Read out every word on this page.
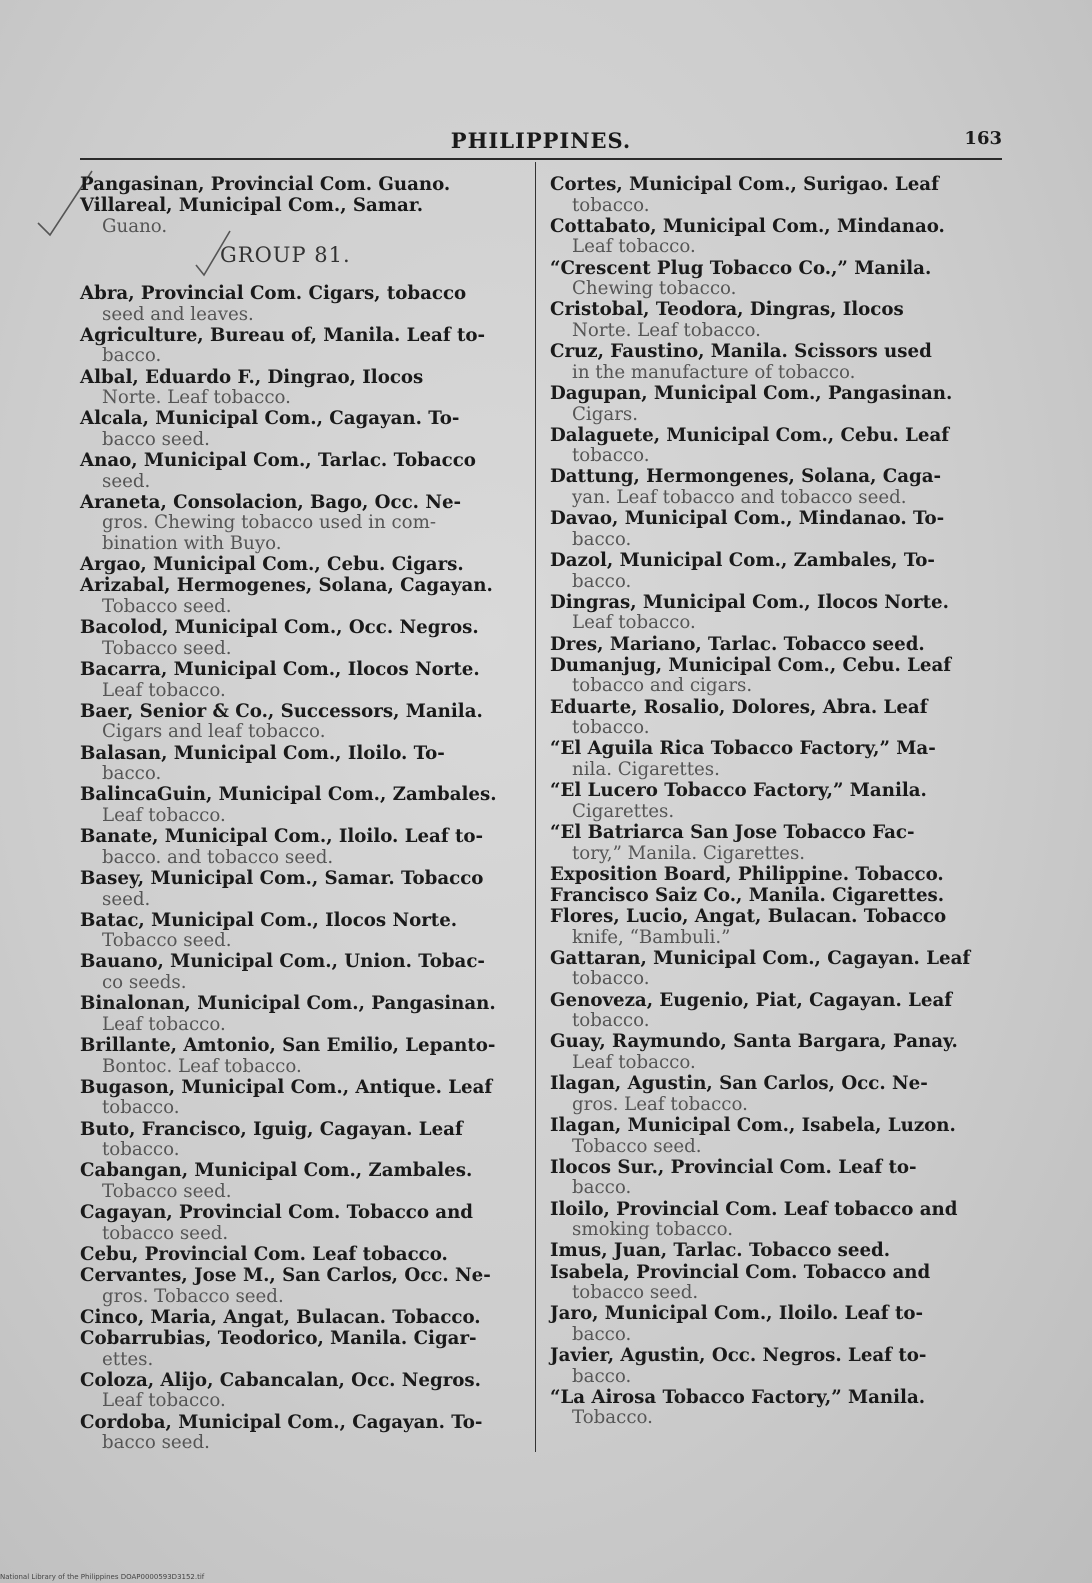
PHILIPPINES.	163
Pangasinan, Provincial Com. Guano.
Villareal, Municipal Com., Samar.
Guano.
GROUP 81.
Abra, Provincial Com. Cigars, tobacco
seed and leaves.
Agriculture, Bureau of, Manila. Leaf to-
bacco.
Albal, Eduardo F., Dingrao, Ilocos
Norte. Leaf tobacco.
Alcala, Municipal Com., Cagayan. To-
bacco seed.
Anao, Municipal Com., Tarlac. Tobacco
seed.
Araneta, Consolacion, Bago, Occ. Ne-
gros. Chewing tobacco used in com-
bination with Buyo.
Argao, Municipal Com., Cebu. Cigars.
Arizabal, Hermogenes, Solana, Cagayan.
Tobacco seed.
Bacolod, Municipal Com., Occ. Negros.
Tobacco seed.
Bacarra, Municipal Com., Ilocos Norte.
Leaf tobacco.
Baer, Senior & Co., Successors, Manila.
Cigars and leaf tobacco.
Balasan, Municipal Com., Iloilo. To-
bacco.
BalincaGuin, Municipal Com., Zambales.
Leaf tobacco.
Banate, Municipal Com., Iloilo. Leaf to-
bacco. and tobacco seed.
Basey, Municipal Com., Samar. Tobacco
seed.
Batac, Municipal Com., Ilocos Norte.
Tobacco seed.
Bauano, Municipal Com., Union. Tobac-
co seeds.
Binalonan, Municipal Com., Pangasinan.
Leaf tobacco.
Brillante, Amtonio, San Emilio, Lepanto-
Bontoc. Leaf tobacco.
Bugason, Municipal Com., Antique. Leaf
tobacco.
Buto, Francisco, Iguig, Cagayan. Leaf
tobacco.
Cabangan, Municipal Com., Zambales.
Tobacco seed.
Cagayan, Provincial Com. Tobacco and
tobacco seed.
Cebu, Provincial Com. Leaf tobacco.
Cervantes, Jose M., San Carlos, Occ. Ne-
gros. Tobacco seed.
Cinco, Maria, Angat, Bulacan. Tobacco.
Cobarrubias, Teodorico, Manila. Cigar-
ettes.
Coloza, Alijo, Cabancalan, Occ. Negros.
Leaf tobacco.
Cordoba, Municipal Com., Cagayan. To-
bacco seed.
Cortes, Municipal Com., Surigao. Leaf
tobacco.
Cottabato, Municipal Com., Mindanao.
Leaf tobacco.
“Crescent Plug Tobacco Co.,” Manila.
Chewing tobacco.
Cristobal, Teodora, Dingras, Ilocos
Norte. Leaf tobacco.
Cruz, Faustino, Manila. Scissors used
in the manufacture of tobacco.
Dagupan, Municipal Com., Pangasinan.
Cigars.
Dalaguete, Municipal Com., Cebu. Leaf
tobacco.
Dattung, Hermongenes, Solana, Caga-
yan. Leaf tobacco and tobacco seed.
Davao, Municipal Com., Mindanao. To-
bacco.
Dazol, Municipal Com., Zambales, To-
bacco.
Dingras, Municipal Com., Ilocos Norte.
Leaf tobacco.
Dres, Mariano, Tarlac. Tobacco seed.
Dumanjug, Municipal Com., Cebu. Leaf
tobacco and cigars.
Eduarte, Rosalio, Dolores, Abra. Leaf
tobacco.
“El Aguila Rica Tobacco Factory,” Ma-
nila. Cigarettes.
“El Lucero Tobacco Factory,” Manila.
Cigarettes.
“El Batriarca San Jose Tobacco Fac-
tory,” Manila. Cigarettes.
Exposition Board, Philippine. Tobacco.
Francisco Saiz Co., Manila. Cigarettes.
Flores, Lucio, Angat, Bulacan. Tobacco
knife, “Bambuli.”
Gattaran, Municipal Com., Cagayan. Leaf
tobacco.
Genoveza, Eugenio, Piat, Cagayan. Leaf
tobacco.
Guay, Raymundo, Santa Bargara, Panay.
Leaf tobacco.
Ilagan, Agustin, San Carlos, Occ. Ne-
gros. Leaf tobacco.
Ilagan, Municipal Com., Isabela, Luzon.
Tobacco seed.
Ilocos Sur., Provincial Com. Leaf to-
bacco.
Iloilo, Provincial Com. Leaf tobacco and
smoking tobacco.
Imus, Juan, Tarlac. Tobacco seed.
Isabela, Provincial Com. Tobacco and
tobacco seed.
Jaro, Municipal Com., Iloilo. Leaf to-
bacco.
Javier, Agustin, Occ. Negros. Leaf to-
bacco.
“La Airosa Tobacco Factory,” Manila.
Tobacco.
National Library of the Philippines DOAP0000593D3152.tif
